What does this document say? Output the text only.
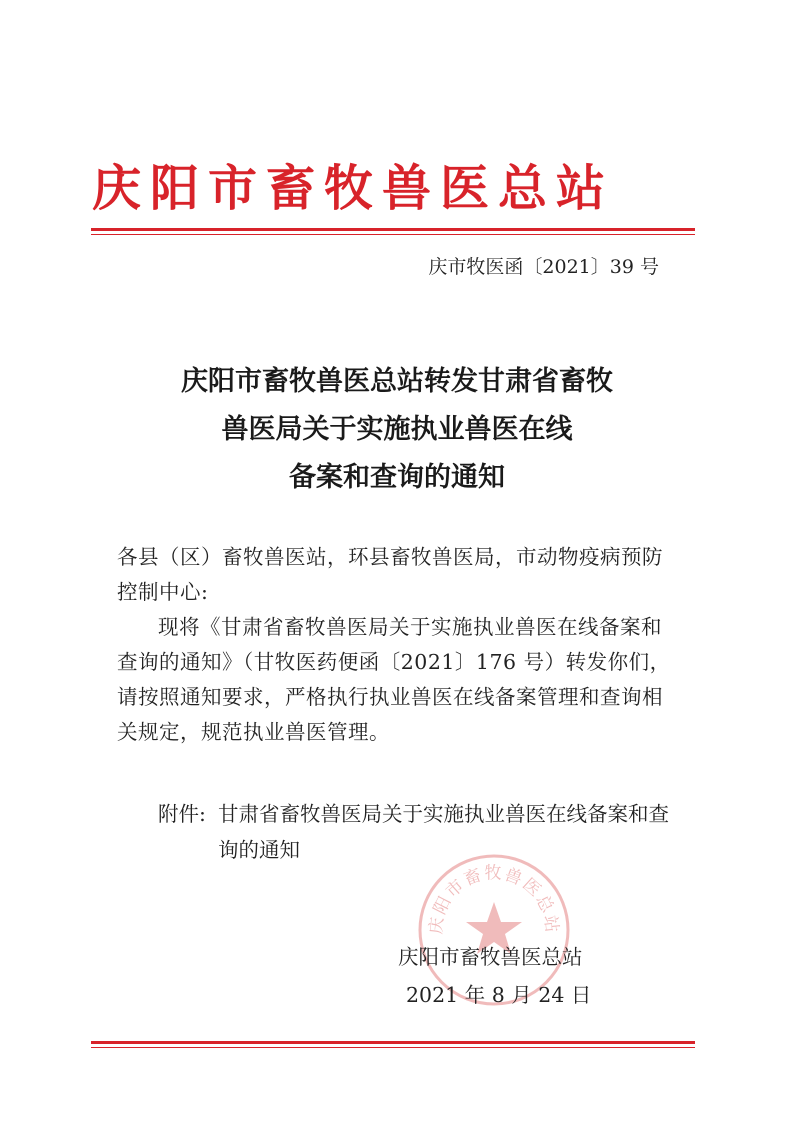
庆阳市畜牧兽医总站
庆市牧医函〔2021〕39 号
庆阳市畜牧兽医总站转发甘肃省畜牧
兽医局关于实施执业兽医在线
备案和查询的通知

各县（区）畜牧兽医站，环县畜牧兽医局，市动物疫病预防控制中心:

现将《甘肃省畜牧兽医局关于实施执业兽医在线备案和查询的通知》（甘牧医药便函〔2021〕176 号）转发你们，请按照通知要求，严格执行执业兽医在线备案管理和查询相关规定，规范执业兽医管理。

附件: 甘肃省畜牧兽医局关于实施执业兽医在线备案和查询的通知
庆阳市畜牧兽医总站
庆阳市畜牧兽医总站
2021 年 8 月 24 日
